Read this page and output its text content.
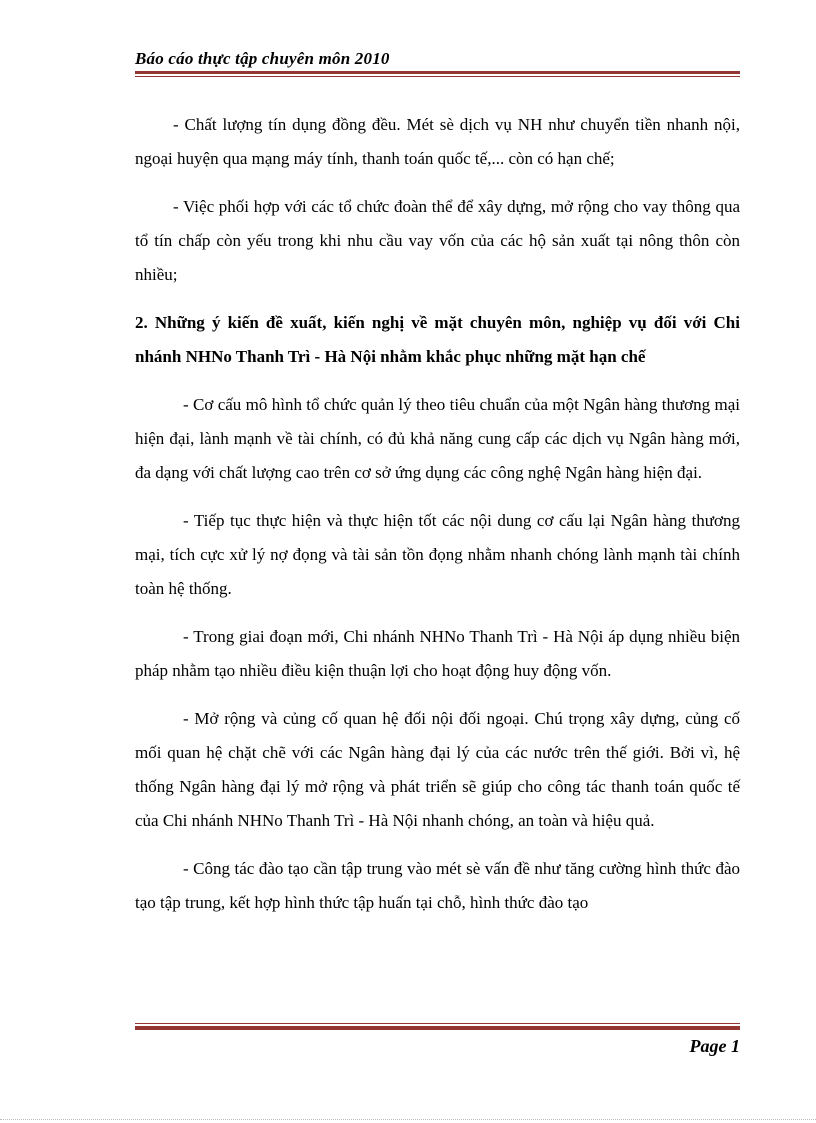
Báo cáo thực tập chuyên môn 2010

- Chất lượng tín dụng đồng đều. Mét sè dịch vụ NH như chuyển tiền nhanh nội, ngoại huyện qua mạng máy tính, thanh toán quốc tế,... còn có hạn chế;

- Việc phối hợp với các tổ chức đoàn thể để xây dựng, mở rộng cho vay thông qua tổ tín chấp còn yếu trong khi nhu cầu vay vốn của các hộ sản xuất tại nông thôn còn nhiều;

2. Những ý kiến đề xuất, kiến nghị về mặt chuyên môn, nghiệp vụ đối với Chi nhánh NHNo Thanh Trì - Hà Nội nhằm khắc phục những mặt hạn chế

- Cơ cấu mô hình tổ chức quản lý theo tiêu chuẩn của một Ngân hàng thương mại hiện đại, lành mạnh về tài chính, có đủ khả năng cung cấp các dịch vụ Ngân hàng mới, đa dạng với chất lượng cao trên cơ sở ứng dụng các công nghệ Ngân hàng hiện đại.

- Tiếp tục thực hiện và thực hiện tốt các nội dung cơ cấu lại Ngân hàng thương mại, tích cực xử lý nợ đọng và tài sản tồn đọng nhằm nhanh chóng lành mạnh tài chính toàn hệ thống.

- Trong giai đoạn mới, Chi nhánh NHNo Thanh Trì - Hà Nội áp dụng nhiều biện pháp nhằm tạo nhiều điều kiện thuận lợi cho hoạt động huy động vốn.

- Mở rộng và củng cố quan hệ đối nội đối ngoại. Chú trọng xây dựng, củng cố mối quan hệ chặt chẽ với các Ngân hàng đại lý của các nước trên thế giới. Bởi vì, hệ thống Ngân hàng đại lý mở rộng và phát triển sẽ giúp cho công tác thanh toán quốc tế của Chi nhánh NHNo Thanh Trì - Hà Nội nhanh chóng, an toàn và hiệu quả.

- Công tác đào tạo cần tập trung vào mét sè vấn đề như tăng cường hình thức đào tạo tập trung, kết hợp hình thức tập huấn tại chỗ, hình thức đào tạo

Page 1
